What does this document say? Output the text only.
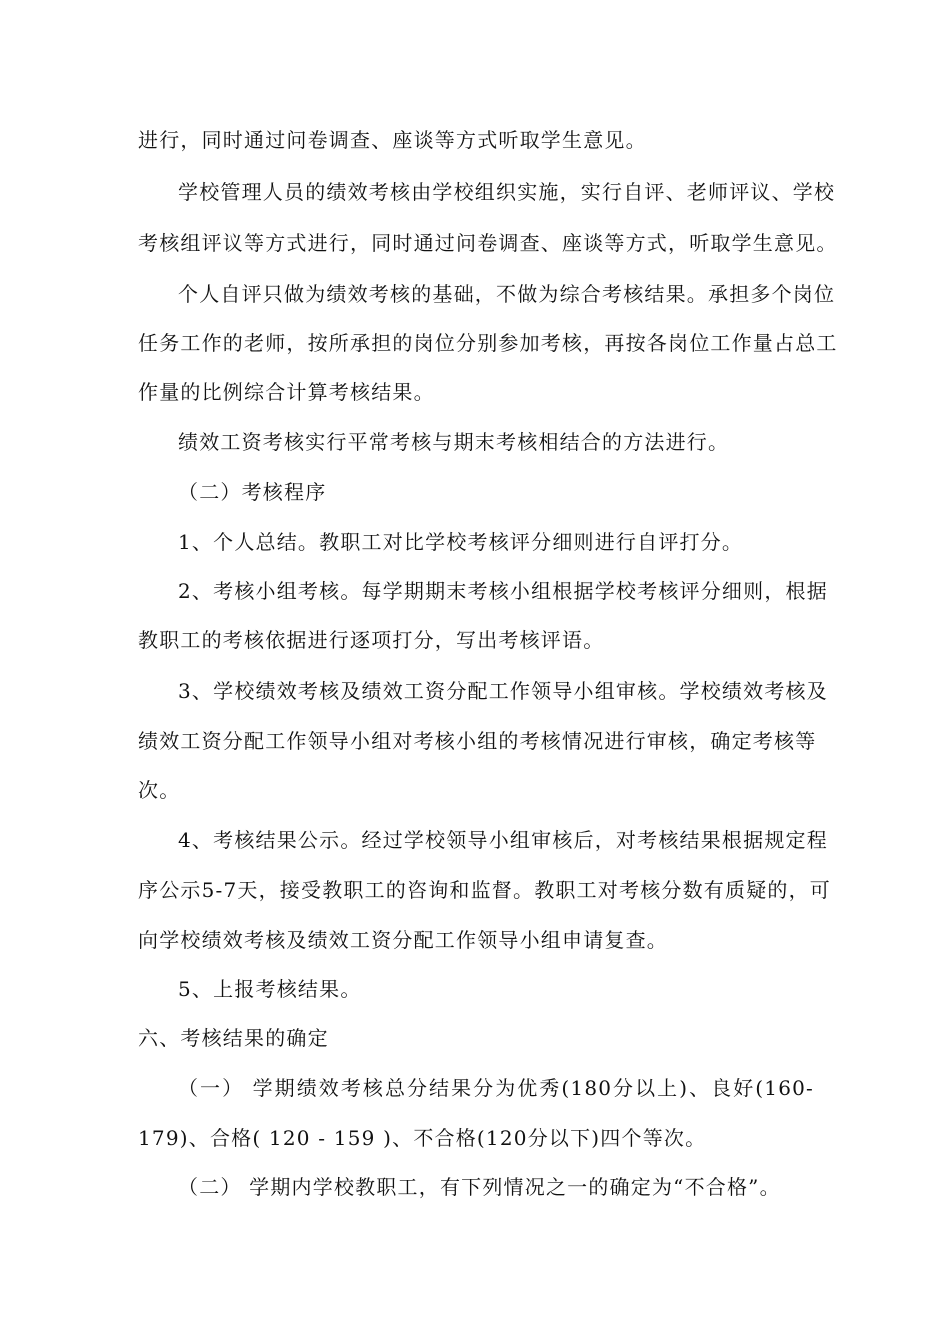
进行，同时通过问卷调查、座谈等方式听取学生意见。
学校管理人员的绩效考核由学校组织实施，实行自评、老师评议、学校
考核组评议等方式进行，同时通过问卷调查、座谈等方式，听取学生意见。
个人自评只做为绩效考核的基础，不做为综合考核结果。承担多个岗位
任务工作的老师，按所承担的岗位分别参加考核，再按各岗位工作量占总工
作量的比例综合计算考核结果。
绩效工资考核实行平常考核与期末考核相结合的方法进行。
（二）考核程序
1、个人总结。教职工对比学校考核评分细则进行自评打分。
2、考核小组考核。每学期期末考核小组根据学校考核评分细则，根据
教职工的考核依据进行逐项打分，写出考核评语。
3、学校绩效考核及绩效工资分配工作领导小组审核。学校绩效考核及
绩效工资分配工作领导小组对考核小组的考核情况进行审核，确定考核等
次。
4、考核结果公示。经过学校领导小组审核后，对考核结果根据规定程
序公示5-7天，接受教职工的咨询和监督。教职工对考核分数有质疑的，可
向学校绩效考核及绩效工资分配工作领导小组申请复查。
5、上报考核结果。
六、考核结果的确定
（一） 学期绩效考核总分结果分为优秀(180分以上)、良好(160-
179)、合格( 120 - 159 )、不合格(120分以下)四个等次。
（二） 学期内学校教职工，有下列情况之一的确定为“不合格”。
